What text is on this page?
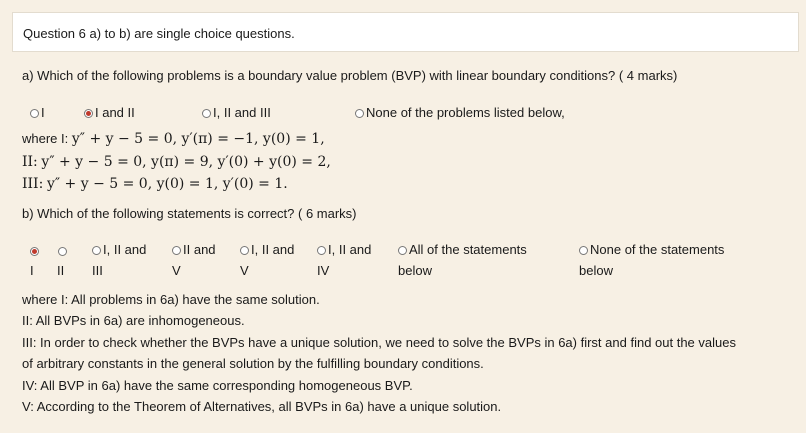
Question 6 a) to b) are single choice questions.
a) Which of the following problems is a boundary value problem (BVP) with linear boundary conditions? ( 4 marks)
I	I and II	I, II and III	None of the problems listed below,
where I: y″ + y − 5 = 0, y′(π) = −1, y(0) = 1,
II: y″ + y − 5 = 0, y(π) = 9, y′(0) + y(0) = 2,
III: y″ + y − 5 = 0, y(0) = 1, y′(0) = 1.
b) Which of the following statements is correct? ( 6 marks)
I II
I, II and
III
II and
V
I, II and
V
I, II and
IV
All of the statements
below
None of the statements
below
where I: All problems in 6a) have the same solution.
II: All BVPs in 6a) are inhomogeneous.
III: In order to check whether the BVPs have a unique solution, we need to solve the BVPs in 6a) first and find out the values
of arbitrary constants in the general solution by the fulfilling boundary conditions.
IV: All BVP in 6a) have the same corresponding homogeneous BVP.
V: According to the Theorem of Alternatives, all BVPs in 6a) have a unique solution.
